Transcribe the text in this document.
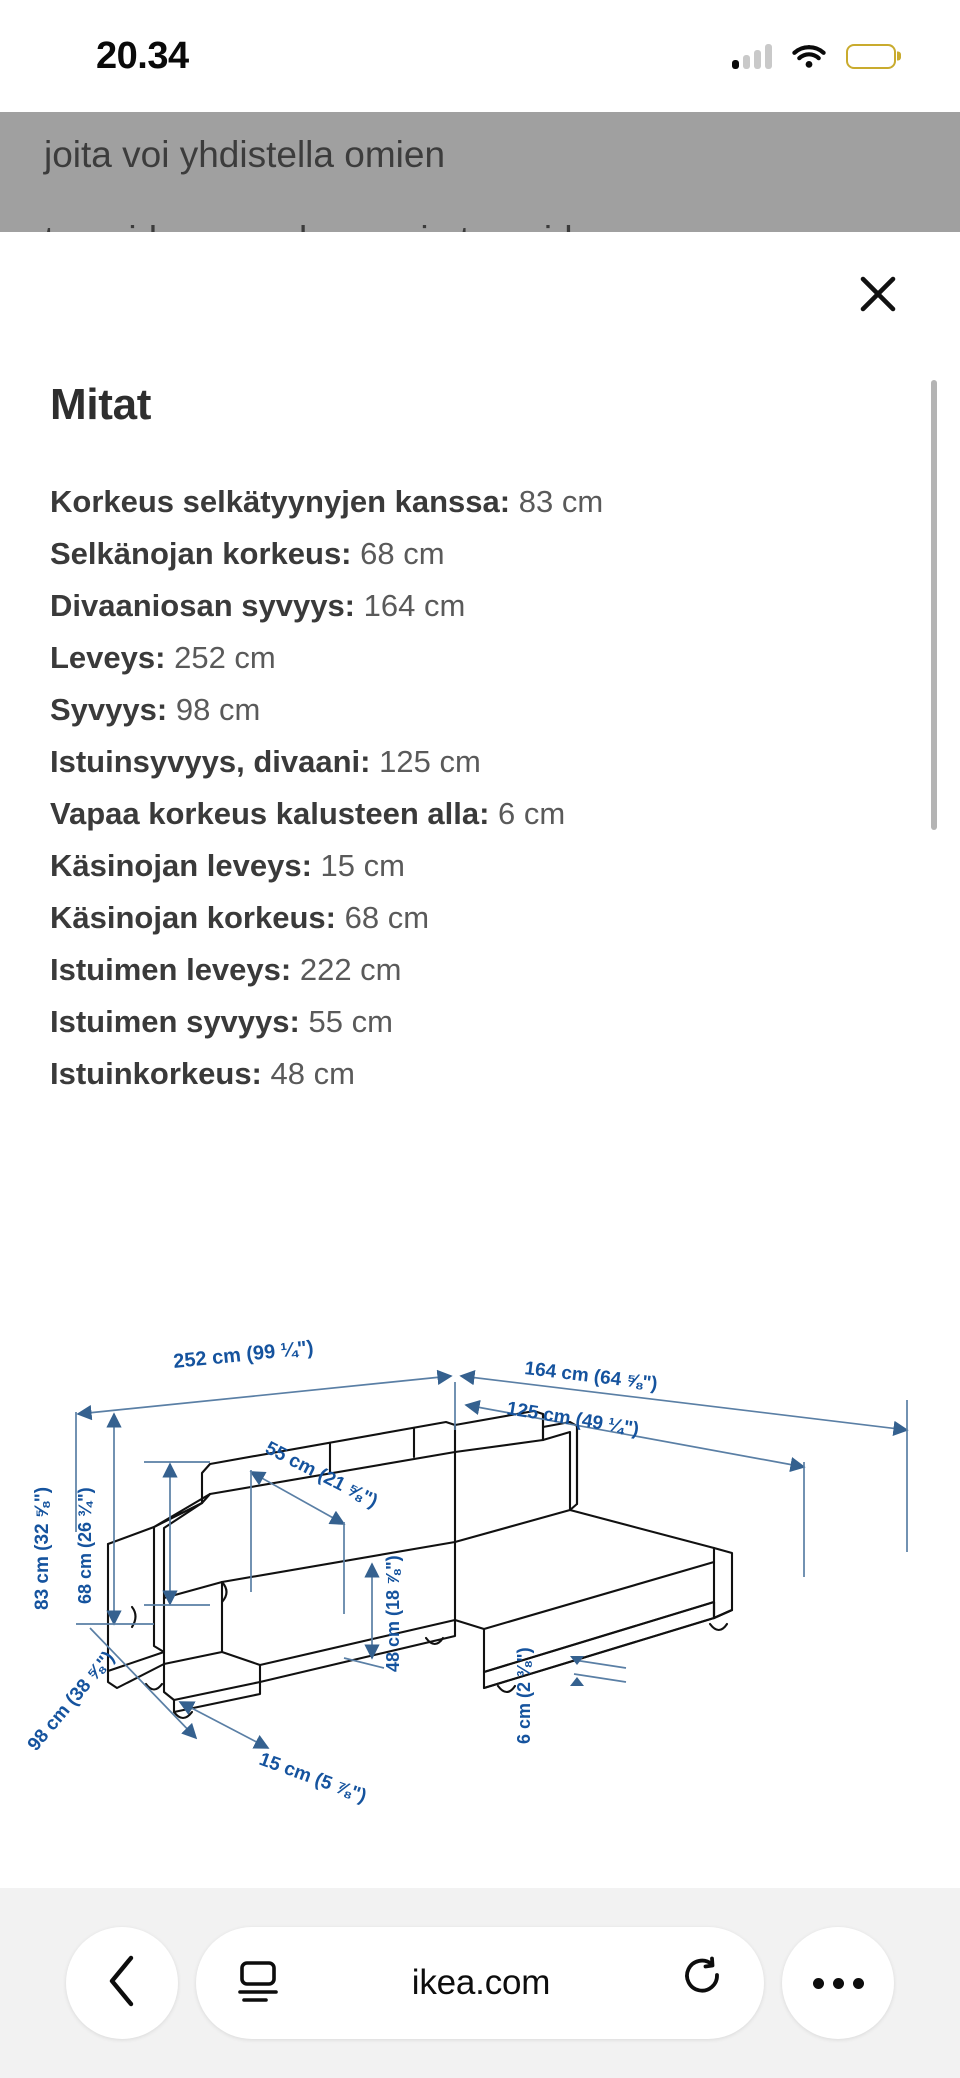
20.34
joita voi yhdistella omien
Mitat
Korkeus selkätyynyjen kanssa: 83 cm
Selkänojan korkeus: 68 cm
Divaaniosan syvyys: 164 cm
Leveys: 252 cm
Syvyys: 98 cm
Istuinsyvyys, divaani: 125 cm
Vapaa korkeus kalusteen alla: 6 cm
Käsinojan leveys: 15 cm
Käsinojan korkeus: 68 cm
Istuimen leveys: 222 cm
Istuimen syvyys: 55 cm
Istuinkorkeus: 48 cm
252 cm (99 ¼")
164 cm (64 ⅝")
125 cm (49 ¼")
83 cm (32 ⅝") 68 cm (26 ¾")
98 cm (38 ⅝")
55 cm (21 ⅝")
48 cm (18 ⅞")
15 cm (5 ⅞")
6 cm (2 ⅜")
ikea.com
